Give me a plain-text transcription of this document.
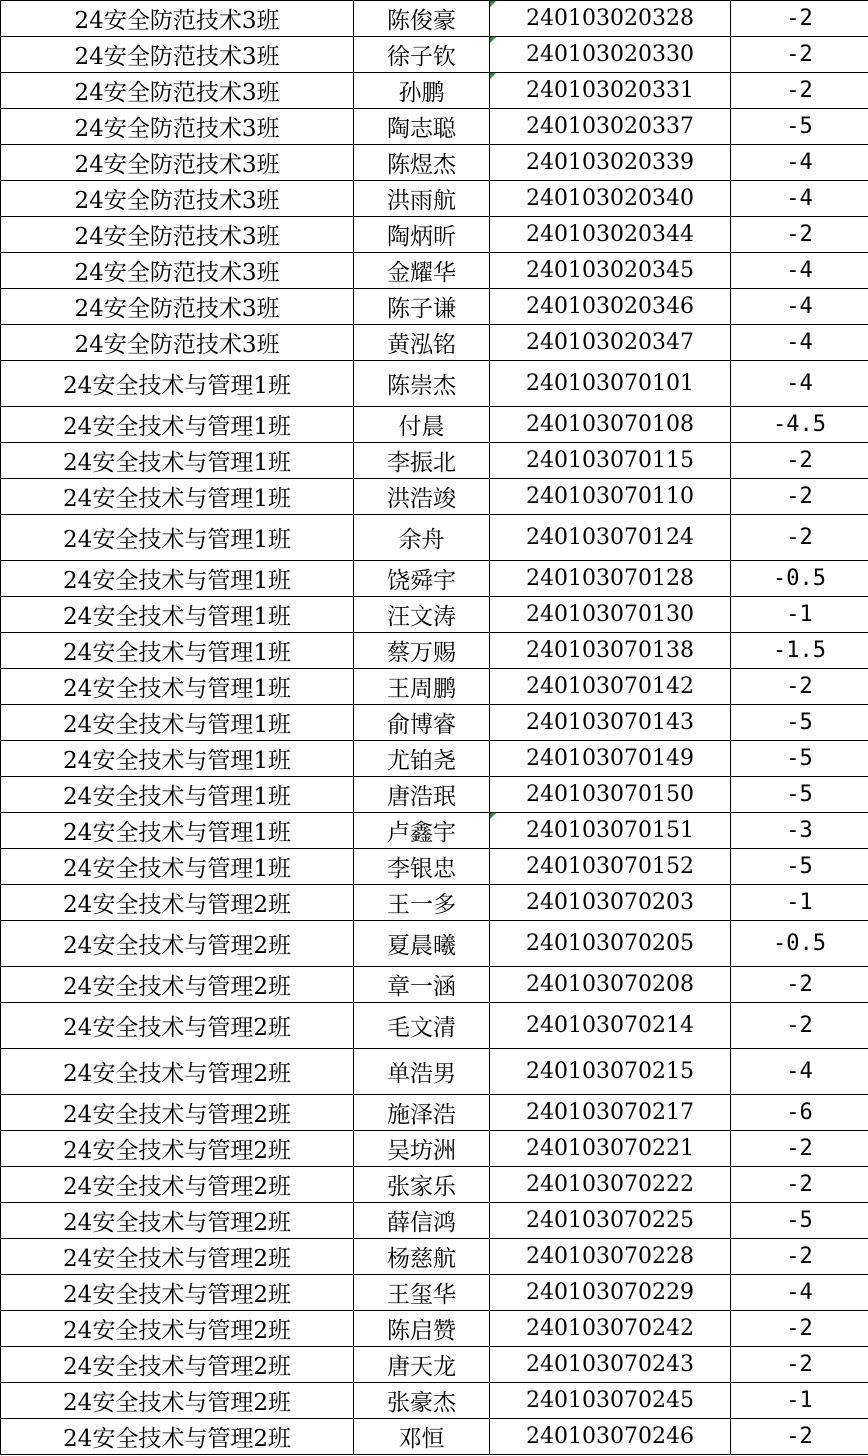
24安全防范技术3班	陈俊豪	240103020328	-2
24安全防范技术3班	徐子钦	240103020330	-2
24安全防范技术3班	孙鹏	240103020331	-2
24安全防范技术3班	陶志聪	240103020337	-5
24安全防范技术3班	陈煜杰	240103020339	-4
24安全防范技术3班	洪雨航	240103020340	-4
24安全防范技术3班	陶炳昕	240103020344	-2
24安全防范技术3班	金耀华	240103020345	-4
24安全防范技术3班	陈子谦	240103020346	-4
24安全防范技术3班	黄泓铭	240103020347	-4
24安全技术与管理1班	陈崇杰	240103070101	-4
24安全技术与管理1班	付晨	240103070108	-4.5
24安全技术与管理1班	李振北	240103070115	-2
24安全技术与管理1班	洪浩竣	240103070110	-2
24安全技术与管理1班	余舟	240103070124	-2
24安全技术与管理1班	饶舜宇	240103070128	-0.5
24安全技术与管理1班	汪文涛	240103070130	-1
24安全技术与管理1班	蔡万赐	240103070138	-1.5
24安全技术与管理1班	王周鹏	240103070142	-2
24安全技术与管理1班	俞博睿	240103070143	-5
24安全技术与管理1班	尤铂尧	240103070149	-5
24安全技术与管理1班	唐浩珉	240103070150	-5
24安全技术与管理1班	卢鑫宇	240103070151	-3
24安全技术与管理1班	李银忠	240103070152	-5
24安全技术与管理2班	王一多	240103070203	-1
24安全技术与管理2班	夏晨曦	240103070205	-0.5
24安全技术与管理2班	章一涵	240103070208	-2
24安全技术与管理2班	毛文清	240103070214	-2
24安全技术与管理2班	单浩男	240103070215	-4
24安全技术与管理2班	施泽浩	240103070217	-6
24安全技术与管理2班	吴坊洲	240103070221	-2
24安全技术与管理2班	张家乐	240103070222	-2
24安全技术与管理2班	薛信鸿	240103070225	-5
24安全技术与管理2班	杨慈航	240103070228	-2
24安全技术与管理2班	王玺华	240103070229	-4
24安全技术与管理2班	陈启赞	240103070242	-2
24安全技术与管理2班	唐天龙	240103070243	-2
24安全技术与管理2班	张豪杰	240103070245	-1
24安全技术与管理2班	邓恒	240103070246	-2
